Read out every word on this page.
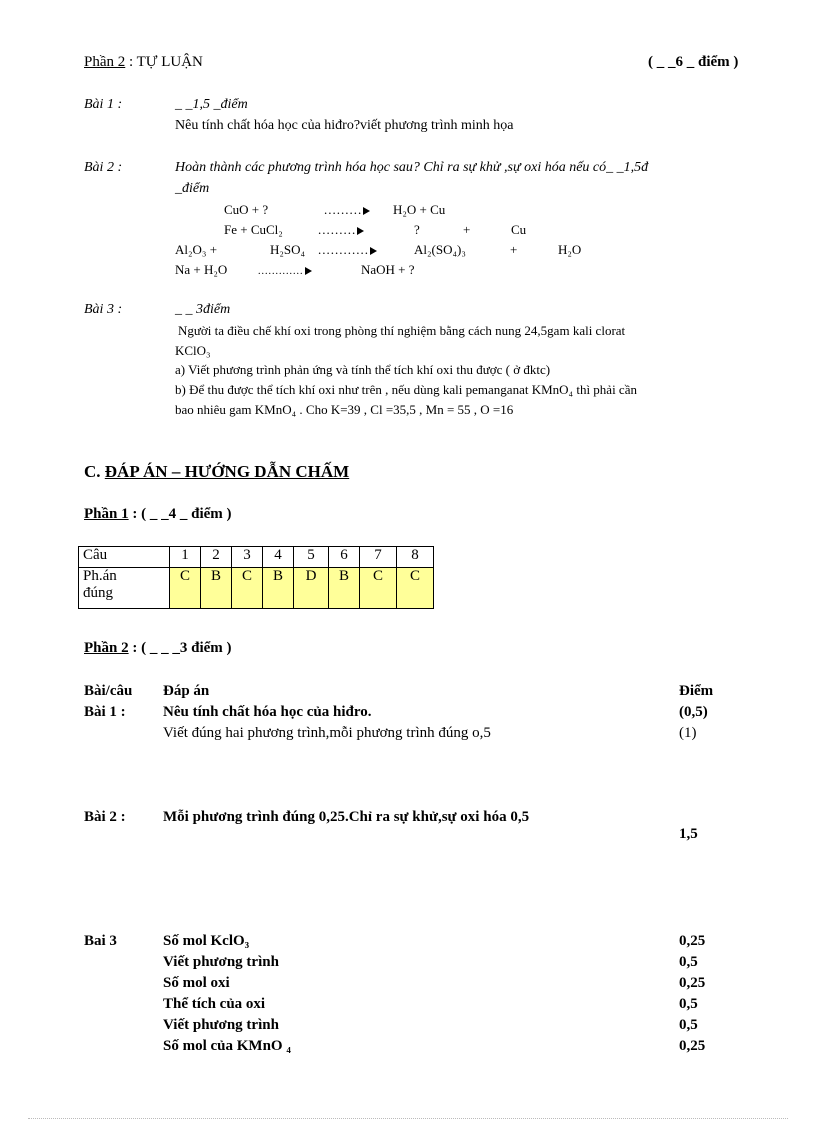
Phần 2 : TỰ LUẬN	( _ _6 _ điểm )
Bài 1 :	_ _1,5 _điểm
Nêu tính chất hóa học của hiđro?viết phương trình minh họa
Bài 2 :	Hoàn thành các phương trình hóa học sau? Chỉ ra sự khử ,sự oxi hóa nếu có_ _1,5đ
_điểm
CuO + ?	.........	H₂O + Cu
Fe + CuCl₂	.........	?	+	Cu
Al₂O₃ +	H₂SO₄ ............	Al₂(SO₄)₃	+	H₂O
Na + H₂O	.............	NaOH + ?
Bài 3 :	_ _ 3điểm
Người ta điều chế khí oxi trong phòng thí nghiệm bằng cách nung 24,5gam kali clorat
KClO₃
a) Viết phương trình phản ứng và tính thể tích khí oxi thu được ( ở đktc)
b) Để thu được thể tích khí oxi như trên , nếu dùng kali pemanganat KMnO₄ thì phải cần
bao nhiêu gam KMnO₄ . Cho K=39 , Cl =35,5 , Mn = 55 , O =16
C. ĐÁP ÁN – HƯỚNG DẪN CHẤM
Phần 1 : ( _ _4 _ điểm )
Câu	1	2	3	4	5	6	7	8
Ph.án
đúng	C	B	C	B	D	B	C	C
Phần 2 : ( _ _ _3 điểm )
Bài/câu Đáp án	Điểm
Bài 1 : Nêu tính chất hóa học của hiđro.	(0,5)
Viết đúng hai phương trình,mỗi phương trình đúng o,5	(1)
Bài 2 : Mỗi phương trình đúng 0,25.Chỉ ra sự khử,sự oxi hóa 0,5
1,5
Bai 3	Số mol KclO₃	0,25
Viết phương trình	0,5
Số mol oxi	0,25
Thể tích của oxi	0,5
Viết phương trình	0,5
Số mol của KMnO ₄	0,25
